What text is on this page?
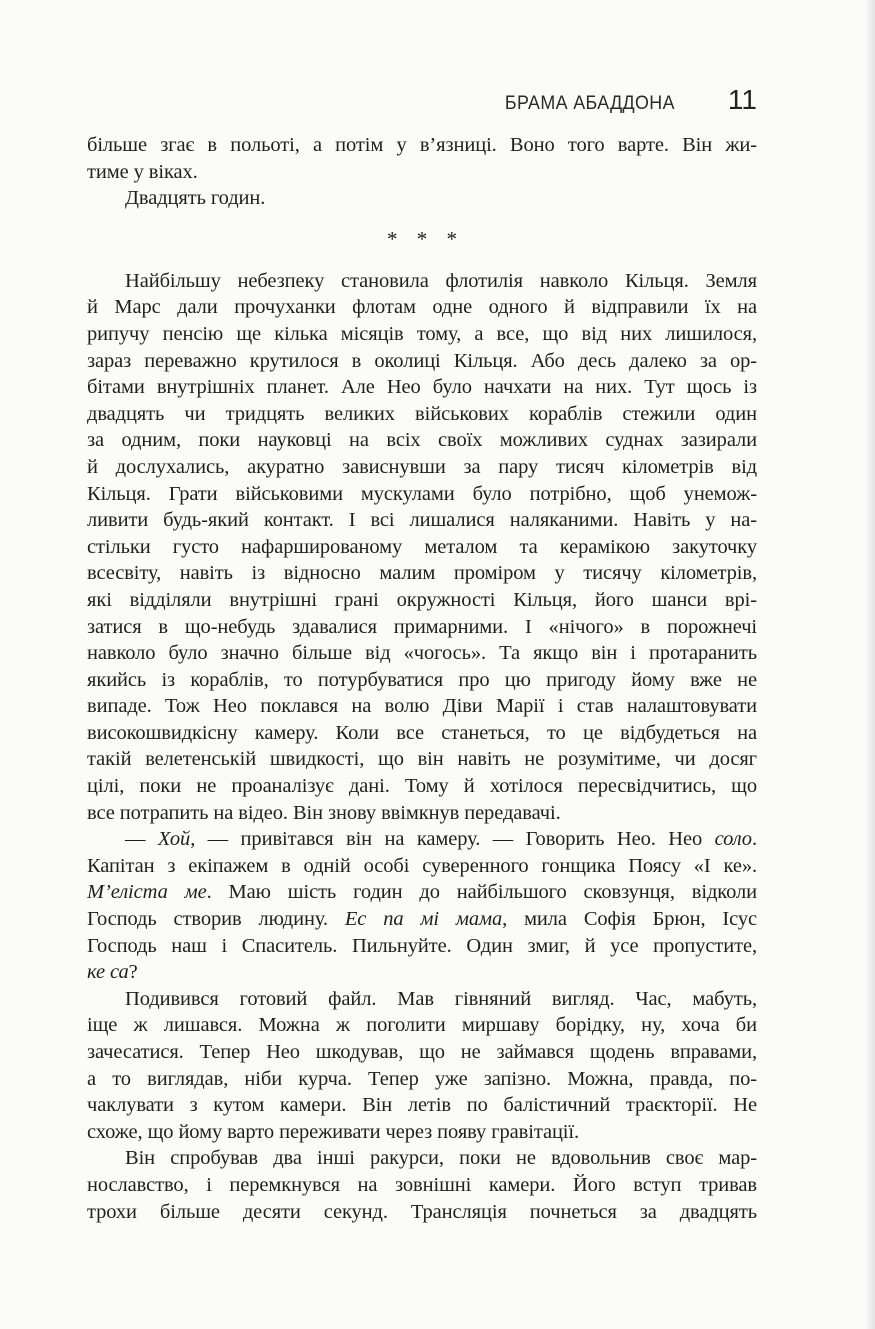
БРАМА АБАДДОНА 11
більше згає в польоті, а потім у в’язниці. Воно того варте. Він жи-
тиме у віках.
Двадцять годин.
* * *
Найбільшу небезпеку становила флотилія навколо Кільця. Земля
й Марс дали прочуханки флотам одне одного й відправили їх на
рипучу пенсію ще кілька місяців тому, а все, що від них лишилося,
зараз переважно крутилося в околиці Кільця. Або десь далеко за ор-
бітами внутрішніх планет. Але Нео було начхати на них. Тут щось із
двадцять чи тридцять великих військових кораблів стежили один
за одним, поки науковці на всіх своїх можливих суднах зазирали
й дослухались, акуратно зависнувши за пару тисяч кілометрів від
Кільця. Грати військовими мускулами було потрібно, щоб унемож-
ливити будь-який контакт. І всі лишалися наляканими. Навіть у на-
стільки густо нафаршированому металом та керамікою закуточку
всесвіту, навіть із відносно малим проміром у тисячу кілометрів,
які відділяли внутрішні грані окружності Кільця, його шанси врі-
затися в що-небудь здавалися примарними. І «нічого» в порожнечі
навколо було значно більше від «чогось». Та якщо він і протаранить
якийсь із кораблів, то потурбуватися про цю пригоду йому вже не
випаде. Тож Нео поклався на волю Діви Марії і став налаштовувати
високошвидкісну камеру. Коли все станеться, то це відбудеться на
такій велетенській швидкості, що він навіть не розумітиме, чи досяг
цілі, поки не проаналізує дані. Тому й хотілося пересвідчитись, що
все потрапить на відео. Він знову ввімкнув передавачі.
— Хой, — привітався він на камеру. — Говорить Нео. Нео соло.
Капітан з екіпажем в одній особі суверенного гонщика Поясу «І ке».
М’еліста ме. Маю шість годин до найбільшого сковзунця, відколи
Господь створив людину. Ес па мі мама, мила Софія Брюн, Ісус
Господь наш і Спаситель. Пильнуйте. Один змиг, й усе пропустите,
ке са?
Подивився готовий файл. Мав гівняний вигляд. Час, мабуть,
іще ж лишався. Можна ж поголити миршаву борідку, ну, хоча би
зачесатися. Тепер Нео шкодував, що не займався щодень вправами,
а то виглядав, ніби курча. Тепер уже запізно. Можна, правда, по-
чаклувати з кутом камери. Він летів по балістичний траєкторії. Не
схоже, що йому варто переживати через появу гравітації.
Він спробував два інші ракурси, поки не вдовольнив своє мар-
нославство, і перемкнувся на зовнішні камери. Його вступ тривав
трохи більше десяти секунд. Трансляція почнеться за двадцять
